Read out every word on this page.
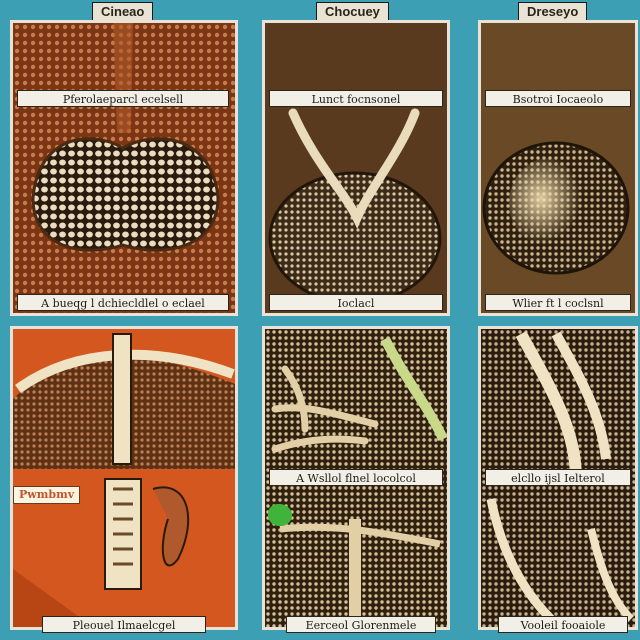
Cineao	Chocuey	Dreseyo
Pferolaeparcl ecelsell
A bueqg l dchiecldlel o eclael
Lunct focnsonel
Ioclacl
Bsotroi Iocaeolo
Wlier ft l coclsnl
Pwmbmv
A Wsllol flnel locolcol	elcllo ijsl Ielterol
Pleouel Ilmaelcgel	Eerceol Glorenmele	Vooleil fooaiole
